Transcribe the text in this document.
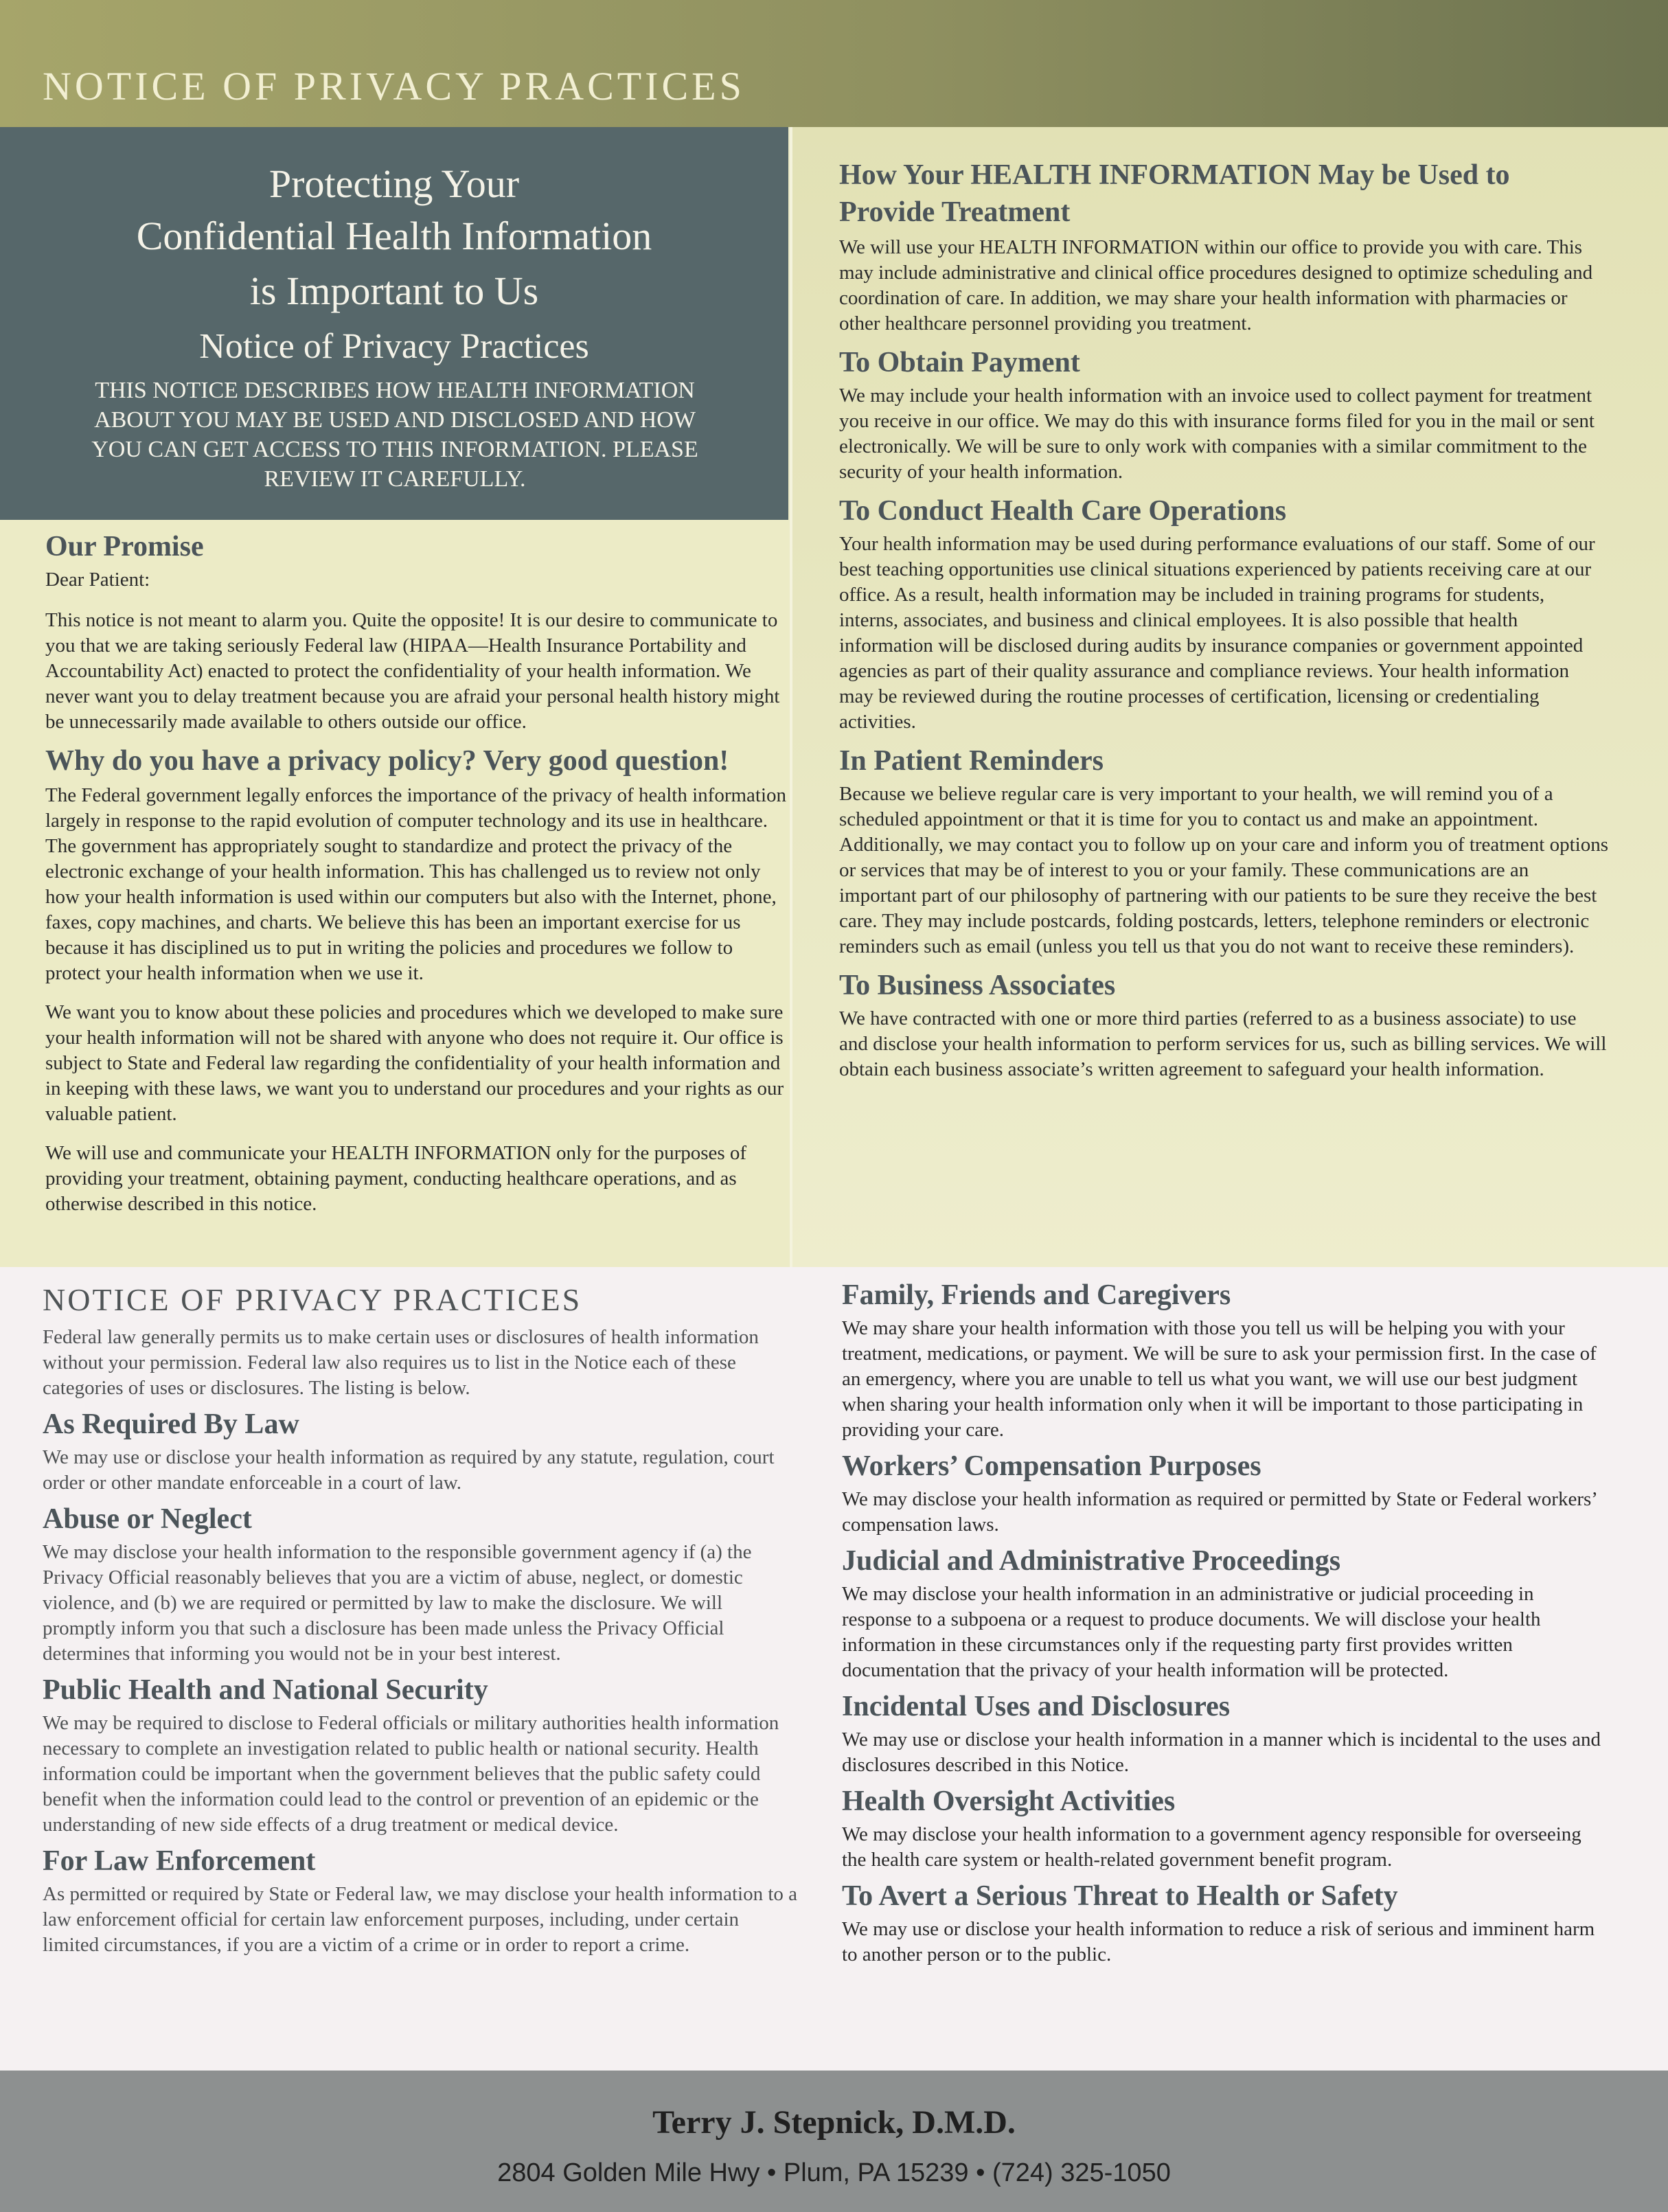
NOTICE OF PRIVACY PRACTICES
Protecting Your
Confidential Health Information
is Important to Us
Notice of Privacy Practices
THIS NOTICE DESCRIBES HOW HEALTH INFORMATION ABOUT YOU MAY BE USED AND DISCLOSED AND HOW YOU CAN GET ACCESS TO THIS INFORMATION. PLEASE REVIEW IT CAREFULLY.
Our Promise
Dear Patient:
This notice is not meant to alarm you. Quite the opposite! It is our desire to communicate to you that we are taking seriously Federal law (HIPAA—Health Insurance Portability and Accountability Act) enacted to protect the confidentiality of your health information. We never want you to delay treatment because you are afraid your personal health history might be unnecessarily made available to others outside our office.
Why do you have a privacy policy? Very good question!
The Federal government legally enforces the importance of the privacy of health information largely in response to the rapid evolution of computer technology and its use in healthcare. The government has appropriately sought to standardize and protect the privacy of the electronic exchange of your health information. This has challenged us to review not only how your health information is used within our computers but also with the Internet, phone, faxes, copy machines, and charts. We believe this has been an important exercise for us because it has disciplined us to put in writing the policies and procedures we follow to protect your health information when we use it.
We want you to know about these policies and procedures which we developed to make sure your health information will not be shared with anyone who does not require it. Our office is subject to State and Federal law regarding the confidentiality of your health information and in keeping with these laws, we want you to understand our procedures and your rights as our valuable patient.
We will use and communicate your HEALTH INFORMATION only for the purposes of providing your treatment, obtaining payment, conducting healthcare operations, and as otherwise described in this notice.
How Your HEALTH INFORMATION May be Used to Provide Treatment
We will use your HEALTH INFORMATION within our office to provide you with care. This may include administrative and clinical office procedures designed to optimize scheduling and coordination of care. In addition, we may share your health information with pharmacies or other healthcare personnel providing you treatment.
To Obtain Payment
We may include your health information with an invoice used to collect payment for treatment you receive in our office. We may do this with insurance forms filed for you in the mail or sent electronically. We will be sure to only work with companies with a similar commitment to the security of your health information.
To Conduct Health Care Operations
Your health information may be used during performance evaluations of our staff. Some of our best teaching opportunities use clinical situations experienced by patients receiving care at our office. As a result, health information may be included in training programs for students, interns, associates, and business and clinical employees. It is also possible that health information will be disclosed during audits by insurance companies or government appointed agencies as part of their quality assurance and compliance reviews. Your health information may be reviewed during the routine processes of certification, licensing or credentialing activities.
In Patient Reminders
Because we believe regular care is very important to your health, we will remind you of a scheduled appointment or that it is time for you to contact us and make an appointment. Additionally, we may contact you to follow up on your care and inform you of treatment options or services that may be of interest to you or your family. These communications are an important part of our philosophy of partnering with our patients to be sure they receive the best care. They may include postcards, folding postcards, letters, telephone reminders or electronic reminders such as email (unless you tell us that you do not want to receive these reminders).
To Business Associates
We have contracted with one or more third parties (referred to as a business associate) to use and disclose your health information to perform services for us, such as billing services. We will obtain each business associate’s written agreement to safeguard your health information.
NOTICE OF PRIVACY PRACTICES
Federal law generally permits us to make certain uses or disclosures of health information without your permission. Federal law also requires us to list in the Notice each of these categories of uses or disclosures. The listing is below.
As Required By Law
We may use or disclose your health information as required by any statute, regulation, court order or other mandate enforceable in a court of law.
Abuse or Neglect
We may disclose your health information to the responsible government agency if (a) the Privacy Official reasonably believes that you are a victim of abuse, neglect, or domestic violence, and (b) we are required or permitted by law to make the disclosure. We will promptly inform you that such a disclosure has been made unless the Privacy Official determines that informing you would not be in your best interest.
Public Health and National Security
We may be required to disclose to Federal officials or military authorities health information necessary to complete an investigation related to public health or national security. Health information could be important when the government believes that the public safety could benefit when the information could lead to the control or prevention of an epidemic or the understanding of new side effects of a drug treatment or medical device.
For Law Enforcement
As permitted or required by State or Federal law, we may disclose your health information to a law enforcement official for certain law enforcement purposes, including, under certain limited circumstances, if you are a victim of a crime or in order to report a crime.
Family, Friends and Caregivers
We may share your health information with those you tell us will be helping you with your treatment, medications, or payment. We will be sure to ask your permission first. In the case of an emergency, where you are unable to tell us what you want, we will use our best judgment when sharing your health information only when it will be important to those participating in providing your care.
Workers’ Compensation Purposes
We may disclose your health information as required or permitted by State or Federal workers’ compensation laws.
Judicial and Administrative Proceedings
We may disclose your health information in an administrative or judicial proceeding in response to a subpoena or a request to produce documents. We will disclose your health information in these circumstances only if the requesting party first provides written documentation that the privacy of your health information will be protected.
Incidental Uses and Disclosures
We may use or disclose your health information in a manner which is incidental to the uses and disclosures described in this Notice.
Health Oversight Activities
We may disclose your health information to a government agency responsible for overseeing the health care system or health-related government benefit program.
To Avert a Serious Threat to Health or Safety
We may use or disclose your health information to reduce a risk of serious and imminent harm to another person or to the public.
Terry J. Stepnick, D.M.D.
2804 Golden Mile Hwy • Plum, PA 15239 • (724) 325-1050
